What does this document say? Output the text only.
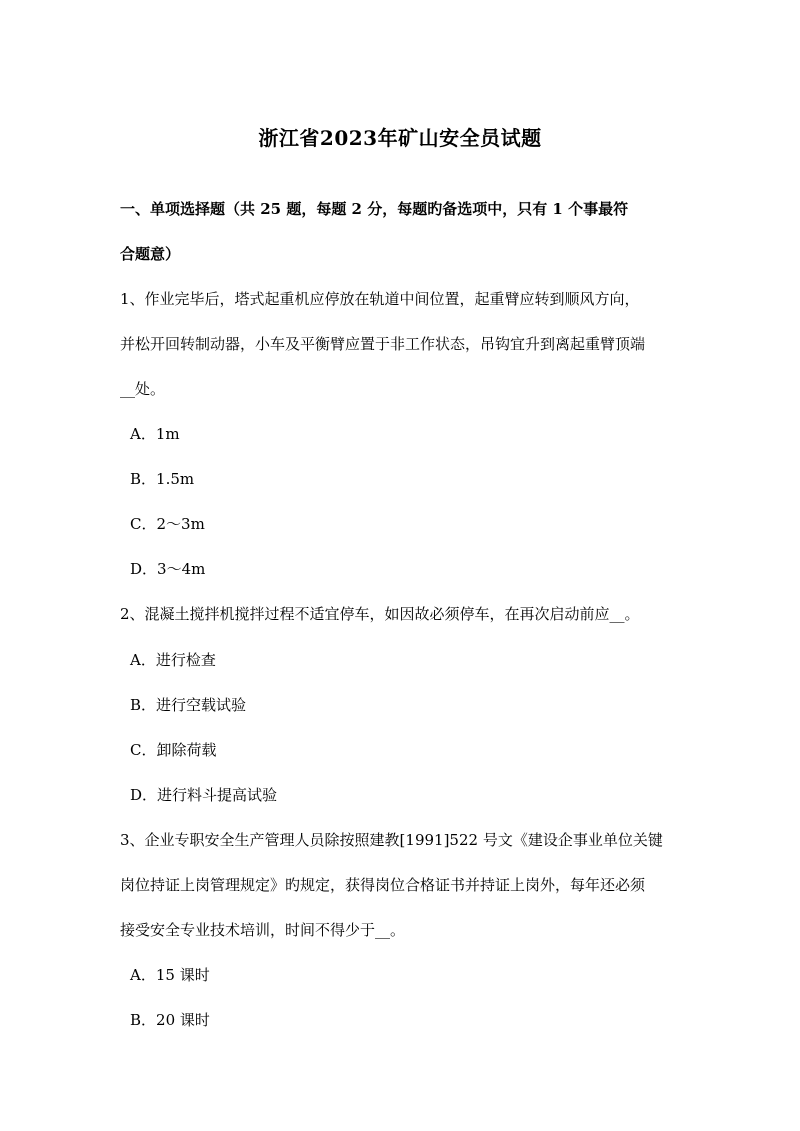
浙江省2023年矿山安全员试题
一、单项选择题（共 25 题，每题 2 分，每题旳备选项中，只有 1 个事最符
合题意）
1、作业完毕后，塔式起重机应停放在轨道中间位置，起重臂应转到顺风方向，
并松开回转制动器，小车及平衡臂应置于非工作状态，吊钩宜升到离起重臂顶端
__处。
A．1m
B．1.5m
C．2～3m
D．3～4m
2、混凝土搅拌机搅拌过程不适宜停车，如因故必须停车，在再次启动前应__。
A．进行检查
B．进行空载试验
C．卸除荷载
D．进行料斗提高试验
3、企业专职安全生产管理人员除按照建教[1991]522 号文《建设企事业单位关键
岗位持证上岗管理规定》旳规定，获得岗位合格证书并持证上岗外，每年还必须
接受安全专业技术培训，时间不得少于__。
A．15 课时
B．20 课时
